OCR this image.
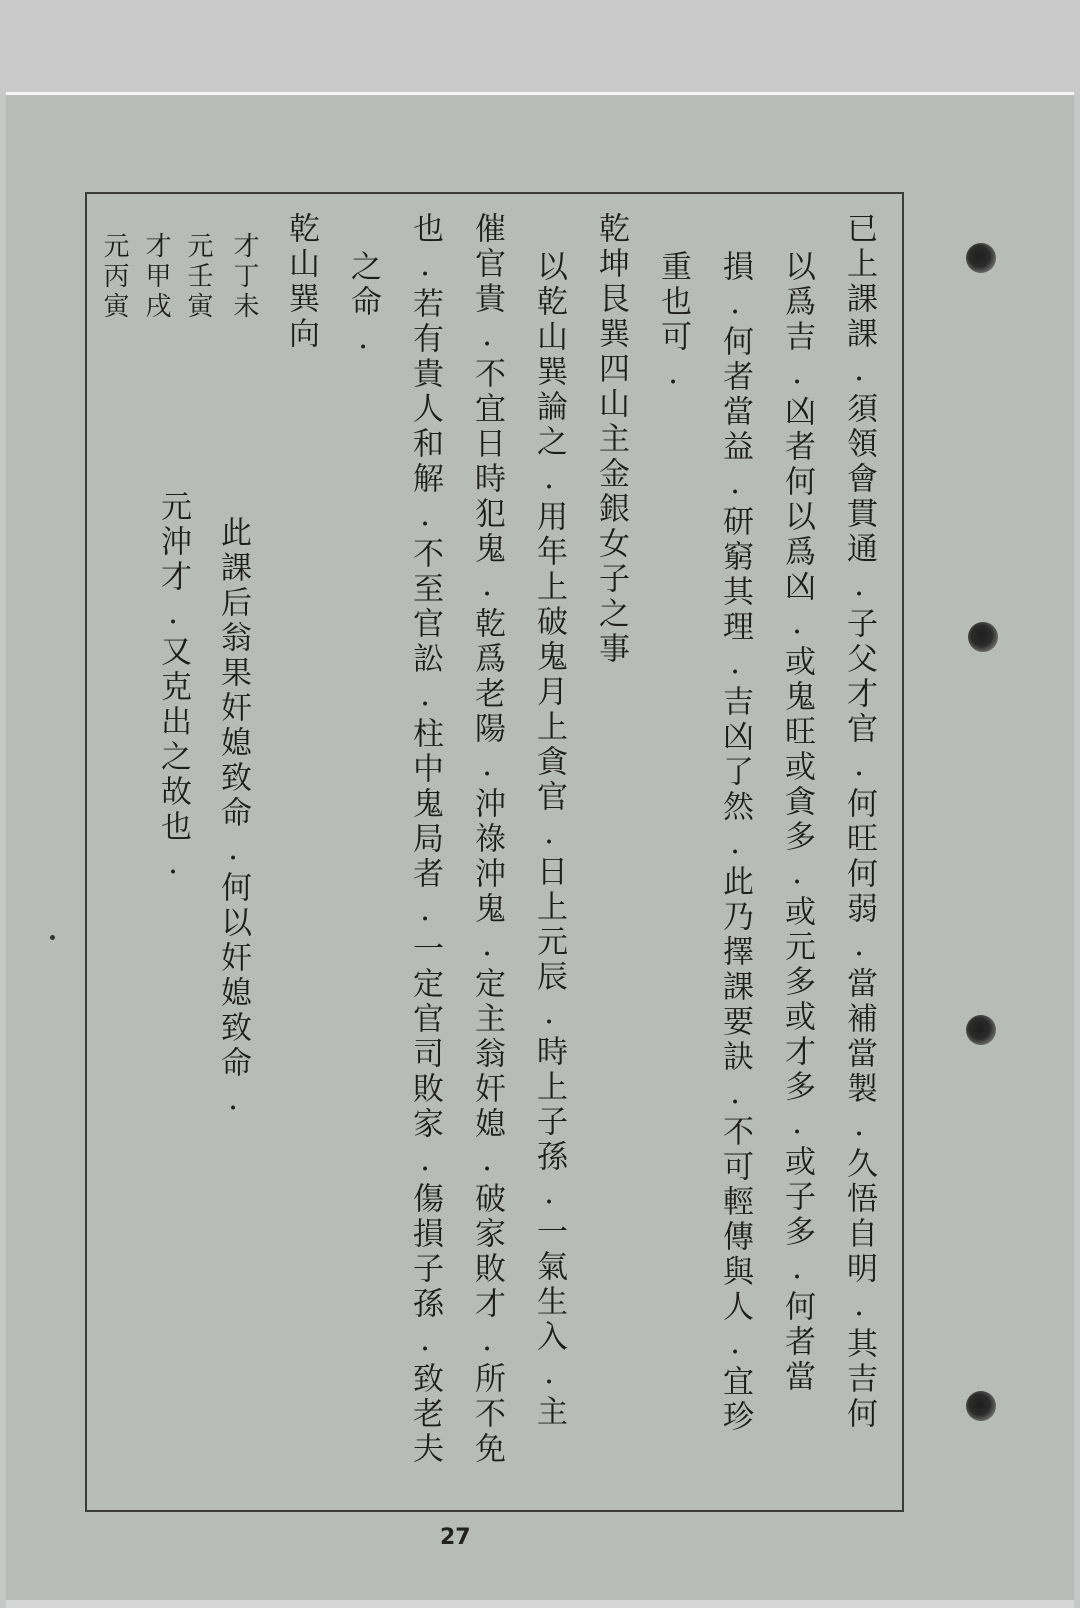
已上課課.須領會貫通.子父才官.何旺何弱.當補當製.久悟自明.其吉何
以爲吉.凶者何以爲凶.或鬼旺或貪多.或元多或才多.或子多.何者當
損.何者當益.研窮其理.吉凶了然.此乃擇課要訣.不可輕傳與人.宜珍
重也可.
乾坤艮巽四山主金銀女子之事
以乾山巽論之.用年上破鬼月上貪官.日上元辰.時上子孫.一氣生入.主
催官貴.不宜日時犯鬼.乾爲老陽.沖祿沖鬼.定主翁奸媳.破家敗才.所不免
也.若有貴人和解.不至官訟.柱中鬼局者.一定官司敗家.傷損子孫.致老夫
之命.
乾山巽向
才丁未
元壬寅
才甲戌
元丙寅
此課后翁果奸媳致命.何以奸媳致命.
元沖才.又克出之故也.
27
